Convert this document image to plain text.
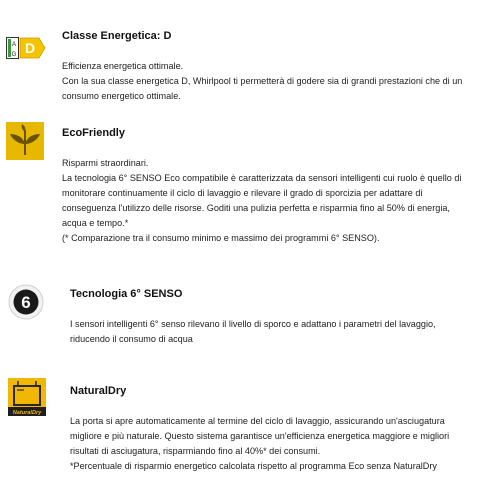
A
G D
Classe Energetica: D
Efficienza energetica ottimale.
Con la sua classe energetica D, Whirlpool ti permetterà di godere sia di grandi prestazioni che di un
consumo energetico ottimale.
EcoFriendly
Risparmi straordinari.
La tecnologia 6° SENSO Eco compatibile è caratterizzata da sensori intelligenti cui ruolo è quello di
monitorare continuamente il ciclo di lavaggio e rilevare il grado di sporcizia per adattare di
conseguenza l'utilizzo delle risorse. Goditi una pulizia perfetta e risparmia fino al 50% di energia,
acqua e tempo.*
(* Comparazione tra il consumo minimo e massimo dei programmi 6° SENSO).
6	Tecnologia 6° SENSO
I sensori intelligenti 6° senso rilevano il livello di sporco e adattano i parametri del lavaggio,
riducendo il consumo di acqua
NaturalDry
NaturalDry
La porta si apre automaticamente al termine del ciclo di lavaggio, assicurando un'asciugatura
migliore e più naturale. Questo sistema garantisce un'efficienza energetica maggiore e migliori
risultati di asciugatura, risparmiando fino al 40%* dei consumi.
*Percentuale di risparmio energetico calcolata rispetto al programma Eco senza NaturalDry
